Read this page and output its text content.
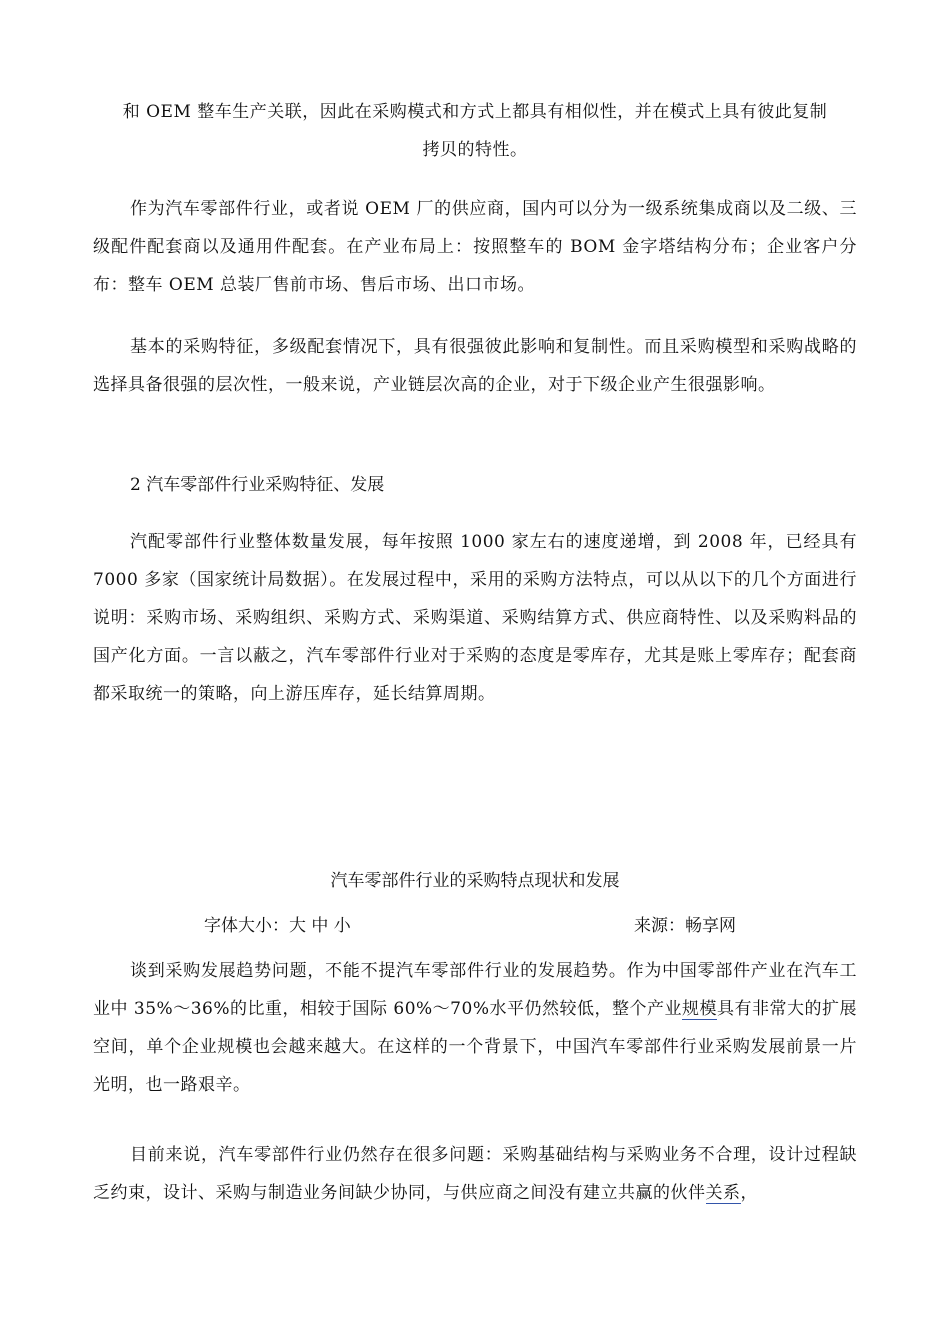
和 OEM 整车生产关联，因此在采购模式和方式上都具有相似性，并在模式上具有彼此复制
拷贝的特性。

作为汽车零部件行业，或者说 OEM 厂的供应商，国内可以分为一级系统集成商以及二级、三级配件配套商以及通用件配套。在产业布局上：按照整车的 BOM 金字塔结构分布；企业客户分布：整车 OEM 总装厂售前市场、售后市场、出口市场。

基本的采购特征，多级配套情况下，具有很强彼此影响和复制性。而且采购模型和采购战略的选择具备很强的层次性，一般来说，产业链层次高的企业，对于下级企业产生很强影响。

2 汽车零部件行业采购特征、发展

汽配零部件行业整体数量发展，每年按照 1000 家左右的速度递增，到 2008 年，已经具有 7000 多家（国家统计局数据）。在发展过程中，采用的采购方法特点，可以从以下的几个方面进行说明：采购市场、采购组织、采购方式、采购渠道、采购结算方式、供应商特性、以及采购料品的国产化方面。一言以蔽之，汽车零部件行业对于采购的态度是零库存，尤其是账上零库存；配套商都采取统一的策略，向上游压库存，延长结算周期。

汽车零部件行业的采购特点现状和发展

字体大小：大 中 小	来源：畅享网

谈到采购发展趋势问题，不能不提汽车零部件行业的发展趋势。作为中国零部件产业在汽车工业中 35%～36%的比重，相较于国际 60%～70%水平仍然较低，整个产业规模具有非常大的扩展空间，单个企业规模也会越来越大。在这样的一个背景下，中国汽车零部件行业采购发展前景一片光明，也一路艰辛。

目前来说，汽车零部件行业仍然存在很多问题：采购基础结构与采购业务不合理，设计过程缺乏约束，设计、采购与制造业务间缺少协同，与供应商之间没有建立共赢的伙伴关系，
